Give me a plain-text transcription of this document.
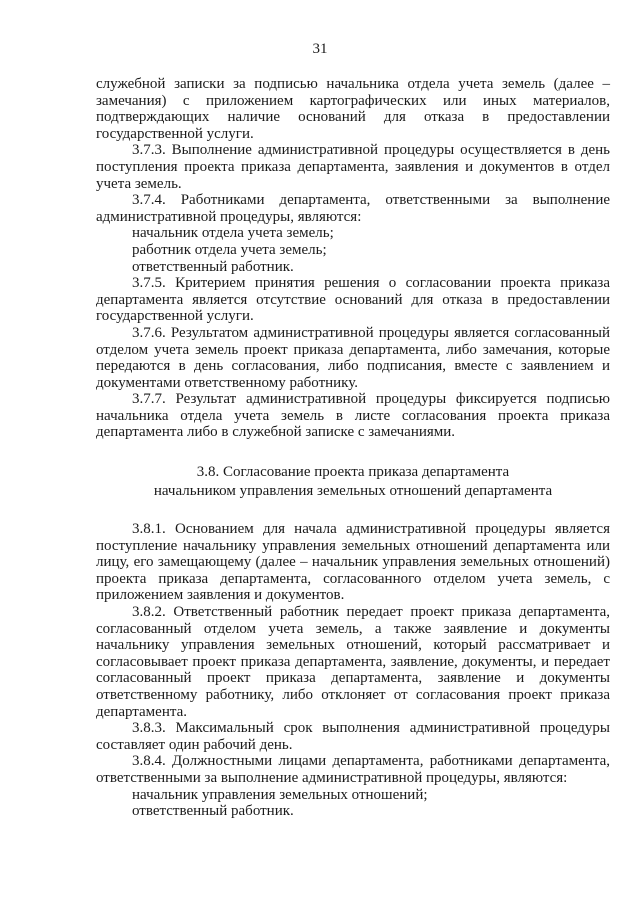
31

служебной записки за подписью начальника отдела учета земель (далее – замечания) с приложением картографических или иных материалов, подтверждающих наличие оснований для отказа в предоставлении государственной услуги.

3.7.3. Выполнение административной процедуры осуществляется в день поступления проекта приказа департамента, заявления и документов в отдел учета земель.

3.7.4. Работниками департамента, ответственными за выполнение административной процедуры, являются:

начальник отдела учета земель;

работник отдела учета земель;

ответственный работник.

3.7.5. Критерием принятия решения о согласовании проекта приказа департамента является отсутствие оснований для отказа в предоставлении государственной услуги.

3.7.6. Результатом административной процедуры является согласованный отделом учета земель проект приказа департамента, либо замечания, которые передаются в день согласования, либо подписания, вместе с заявлением и документами ответственному работнику.

3.7.7. Результат административной процедуры фиксируется подписью начальника отдела учета земель в листе согласования проекта приказа департамента либо в служебной записке с замечаниями.

3.8. Согласование проекта приказа департамента
начальником управления земельных отношений департамента

3.8.1. Основанием для начала административной процедуры является поступление начальнику управления земельных отношений департамента или лицу, его замещающему (далее – начальник управления земельных отношений) проекта приказа департамента, согласованного отделом учета земель, с приложением заявления и документов.

3.8.2. Ответственный работник передает проект приказа департамента, согласованный отделом учета земель, а также заявление и документы начальнику управления земельных отношений, который рассматривает и согласовывает проект приказа департамента, заявление, документы, и передает согласованный проект приказа департамента, заявление и документы ответственному работнику, либо отклоняет от согласования проект приказа департамента.

3.8.3. Максимальный срок выполнения административной процедуры составляет один рабочий день.

3.8.4. Должностными лицами департамента, работниками департамента, ответственными за выполнение административной процедуры, являются:

начальник управления земельных отношений;

ответственный работник.
